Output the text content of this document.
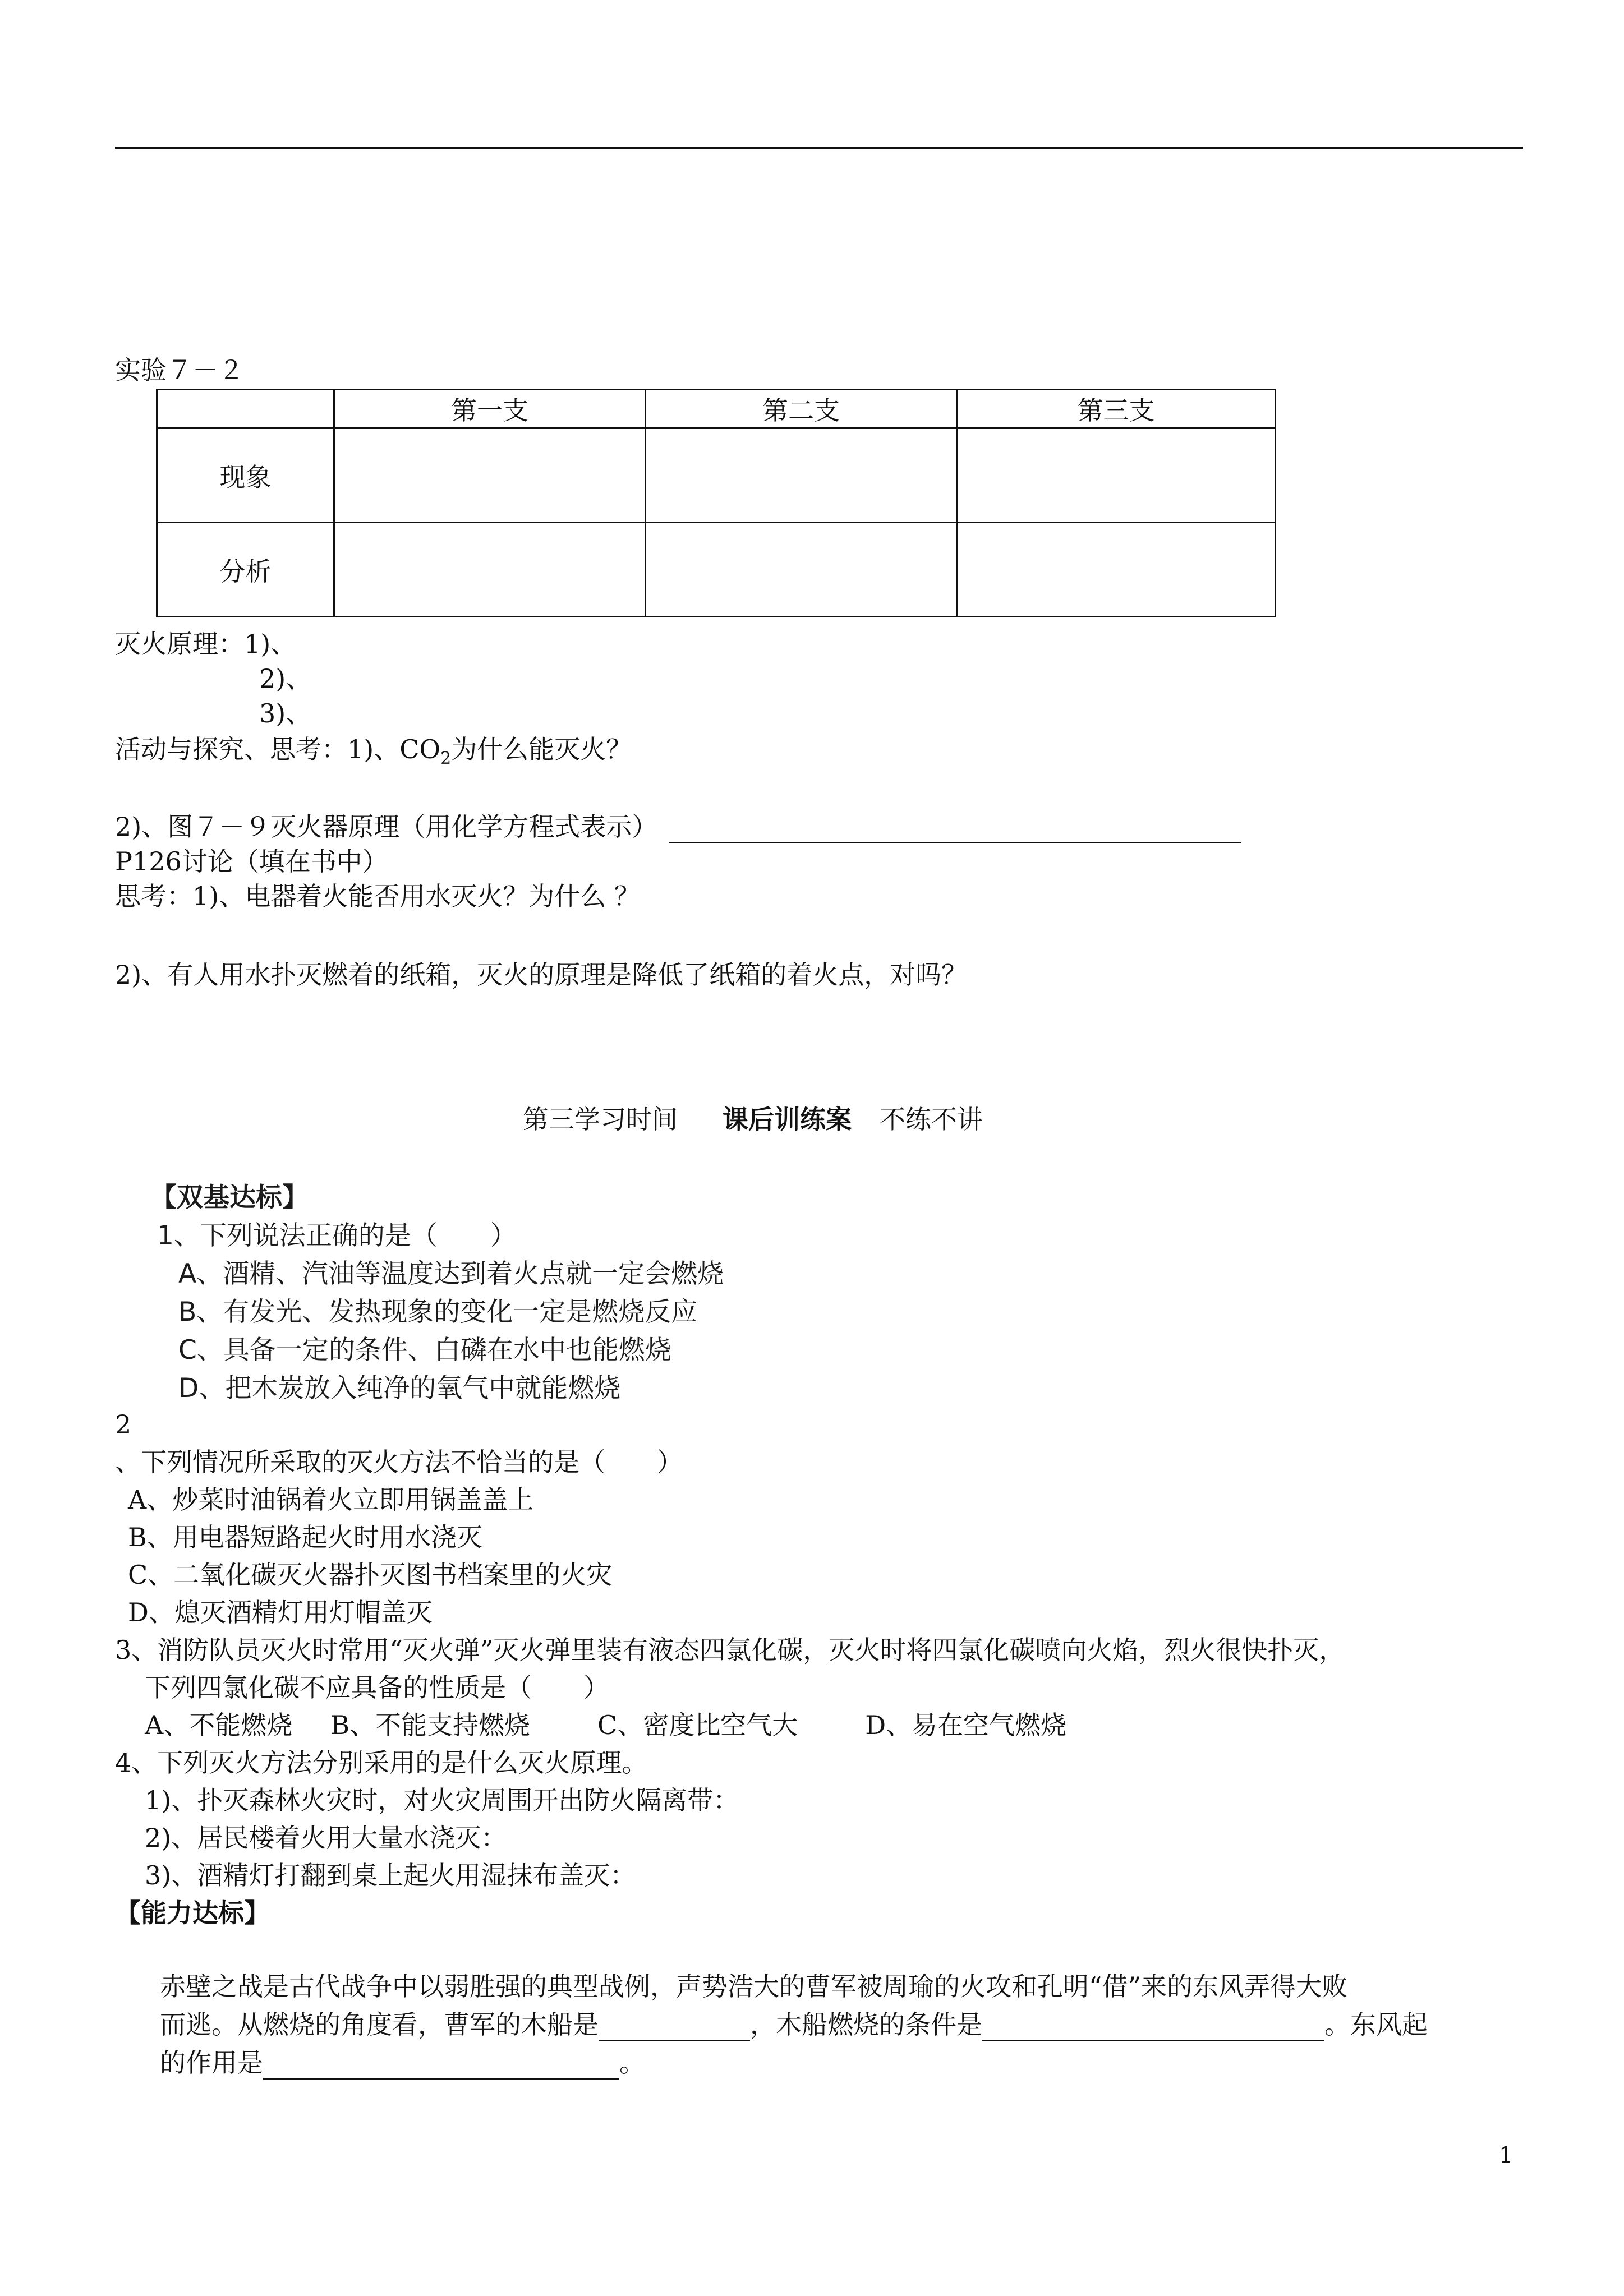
实验７－２
	第一支	第二支	第三支
现象			
分析			
灭火原理：1)、
2)、
3)、
活动与探究、思考：1)、$CO_2$为什么能灭火？
2)、图７－９灭火器原理（用化学方程式表示）
P126讨论（填在书中）
思考：1)、电器着火能否用水灭火？为什么 ？
2)、有人用水扑灭燃着的纸箱，灭火的原理是降低了纸箱的着火点，对吗？
第三学习时间 课后训练案 不练不讲
【双基达标】
1、下列说法正确的是（　　）
A、酒精、汽油等温度达到着火点就一定会燃烧
B、有发光、发热现象的变化一定是燃烧反应
C、具备一定的条件、白磷在水中也能燃烧
D、把木炭放入纯净的氧气中就能燃烧
2
、下列情况所采取的灭火方法不恰当的是（　　）
A、炒菜时油锅着火立即用锅盖盖上
B、用电器短路起火时用水浇灭
C、二氧化碳灭火器扑灭图书档案里的火灾
D、熄灭酒精灯用灯帽盖灭
3、消防队员灭火时常用“灭火弹”灭火弹里装有液态四氯化碳，灭火时将四氯化碳喷向火焰，烈火很快扑灭，
下列四氯化碳不应具备的性质是（　　）
A、不能燃烧 B、不能支持燃烧	C、密度比空气大	D、易在空气燃烧
4、下列灭火方法分别采用的是什么灭火原理。
1)、扑灭森林火灾时，对火灾周围开出防火隔离带：
2)、居民楼着火用大量水浇灭：
3)、酒精灯打翻到桌上起火用湿抹布盖灭：
【能力达标】
赤壁之战是古代战争中以弱胜强的典型战例，声势浩大的曹军被周瑜的火攻和孔明“借”来的东风弄得大败
而逃。从燃烧的角度看，曹军的木船是	，木船燃烧的条件是	。东风起
的作用是	。
1
